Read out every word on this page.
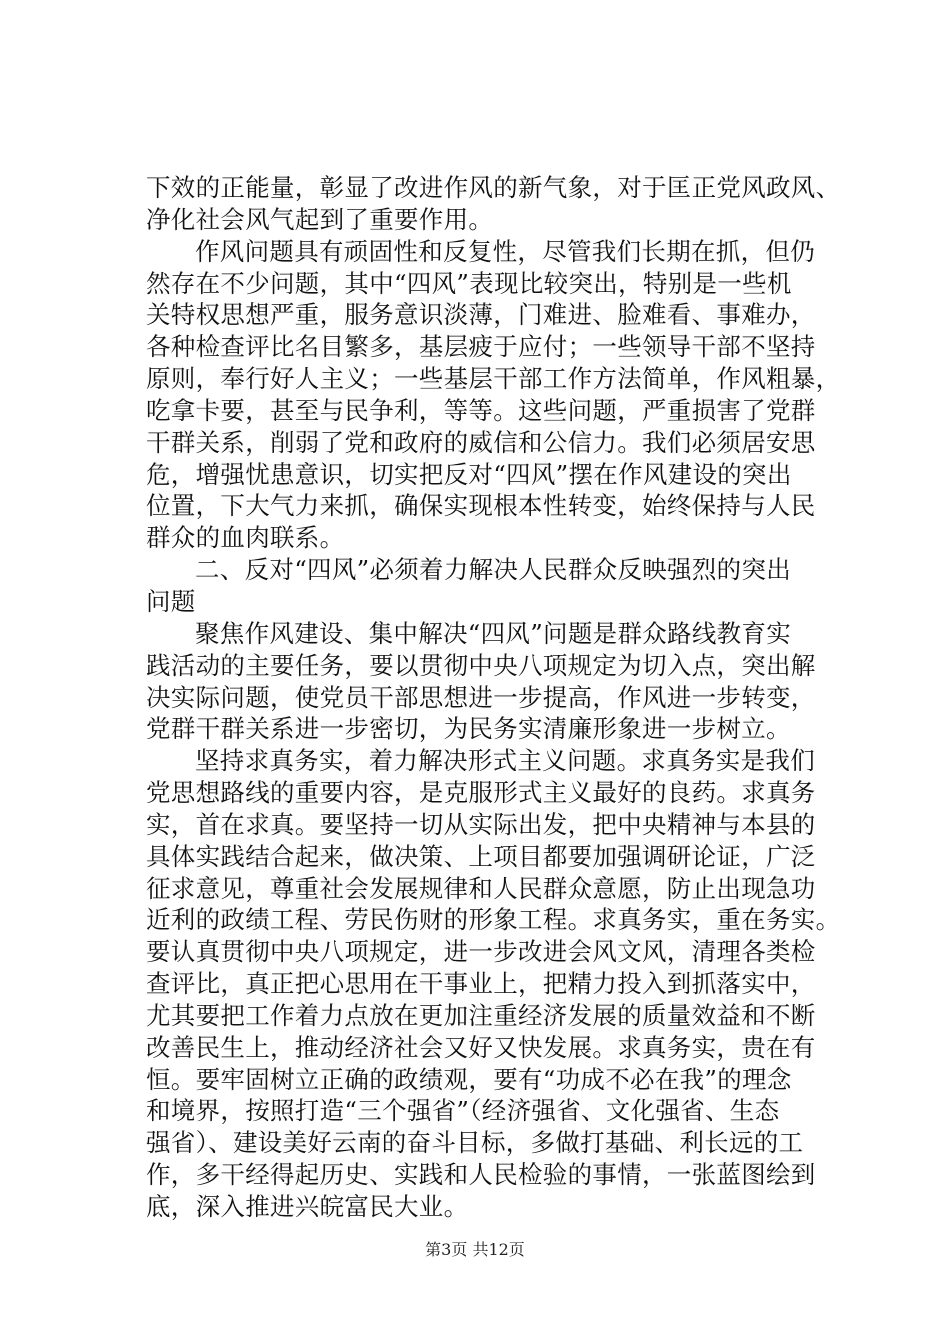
下效的正能量，彰显了改进作风的新气象，对于匡正党风政风、
净化社会风气起到了重要作用。
作风问题具有顽固性和反复性，尽管我们长期在抓，但仍
然存在不少问题，其中“四风”表现比较突出，特别是一些机
关特权思想严重，服务意识淡薄，门难进、脸难看、事难办，
各种检查评比名目繁多，基层疲于应付；一些领导干部不坚持
原则，奉行好人主义；一些基层干部工作方法简单，作风粗暴，
吃拿卡要，甚至与民争利，等等。这些问题，严重损害了党群
干群关系，削弱了党和政府的威信和公信力。我们必须居安思
危，增强忧患意识，切实把反对“四风”摆在作风建设的突出
位置，下大气力来抓，确保实现根本性转变，始终保持与人民
群众的血肉联系。
二、反对“四风”必须着力解决人民群众反映强烈的突出
问题
聚焦作风建设、集中解决“四风”问题是群众路线教育实
践活动的主要任务，要以贯彻中央八项规定为切入点，突出解
决实际问题，使党员干部思想进一步提高，作风进一步转变，
党群干群关系进一步密切，为民务实清廉形象进一步树立。
坚持求真务实，着力解决形式主义问题。求真务实是我们
党思想路线的重要内容，是克服形式主义最好的良药。求真务
实，首在求真。要坚持一切从实际出发，把中央精神与本县的
具体实践结合起来，做决策、上项目都要加强调研论证，广泛
征求意见，尊重社会发展规律和人民群众意愿，防止出现急功
近利的政绩工程、劳民伤财的形象工程。求真务实，重在务实。
要认真贯彻中央八项规定，进一步改进会风文风，清理各类检
查评比，真正把心思用在干事业上，把精力投入到抓落实中，
尤其要把工作着力点放在更加注重经济发展的质量效益和不断
改善民生上，推动经济社会又好又快发展。求真务实，贵在有
恒。要牢固树立正确的政绩观，要有“功成不必在我”的理念
和境界，按照打造“三个强省”（经济强省、文化强省、生态
强省）、建设美好云南的奋斗目标，多做打基础、利长远的工
作，多干经得起历史、实践和人民检验的事情，一张蓝图绘到
底，深入推进兴皖富民大业。
第3页 共12页
